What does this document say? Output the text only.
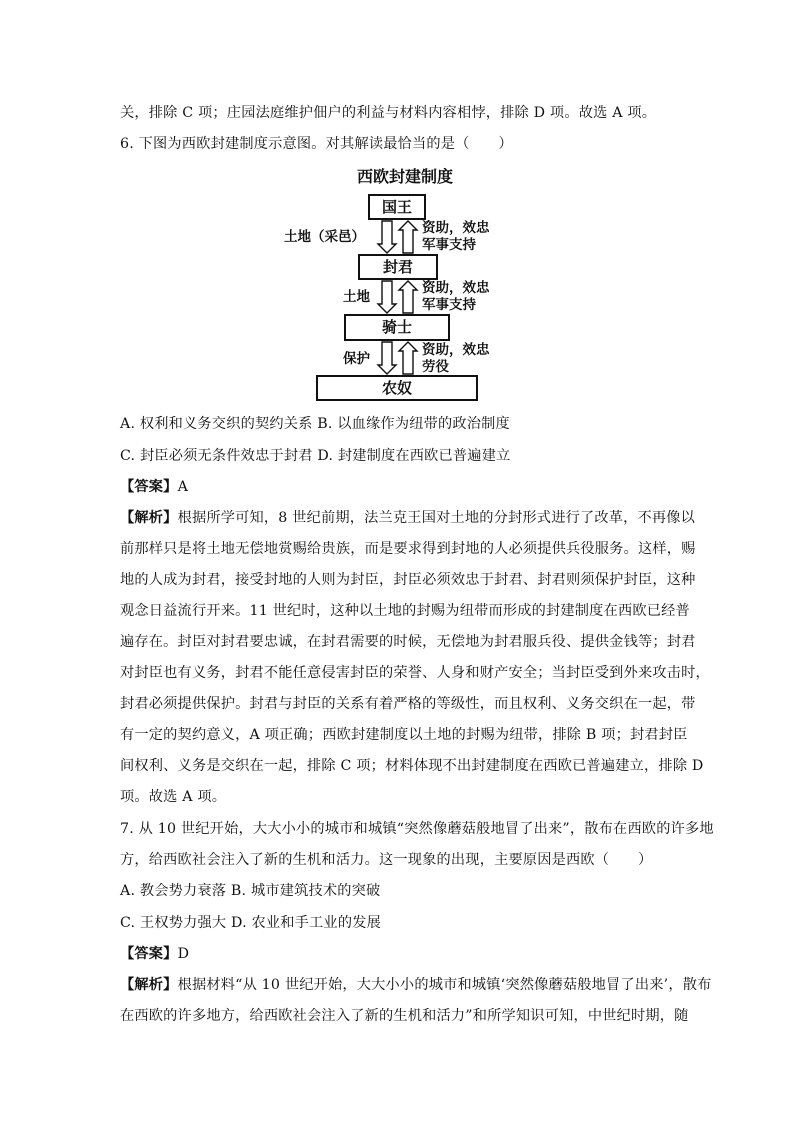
关，排除 C 项；庄园法庭维护佃户的利益与材料内容相悖，排除 D 项。故选 A 项。
6. 下图为西欧封建制度示意图。对其解读最恰当的是（　　）
西欧封建制度
国王
封君
骑士
农奴
土地（采邑）
土地
保护
资助，效忠
军事支持
资助，效忠
军事支持
资助，效忠
劳役
A. 权利和义务交织的契约关系 B. 以血缘作为纽带的政治制度
C. 封臣必须无条件效忠于封君 D. 封建制度在西欧已普遍建立
【答案】A
【解析】根据所学可知，8 世纪前期，法兰克王国对土地的分封形式进行了改革，不再像以
前那样只是将土地无偿地赏赐给贵族，而是要求得到封地的人必须提供兵役服务。这样，赐
地的人成为封君，接受封地的人则为封臣，封臣必须效忠于封君、封君则须保护封臣，这种
观念日益流行开来。11 世纪时，这种以土地的封赐为纽带而形成的封建制度在西欧已经普
遍存在。封臣对封君要忠诚，在封君需要的时候，无偿地为封君服兵役、提供金钱等；封君
对封臣也有义务，封君不能任意侵害封臣的荣誉、人身和财产安全；当封臣受到外来攻击时，
封君必须提供保护。封君与封臣的关系有着严格的等级性，而且权利、义务交织在一起，带
有一定的契约意义，A 项正确；西欧封建制度以土地的封赐为纽带，排除 B 项；封君封臣
间权利、义务是交织在一起，排除 C 项；材料体现不出封建制度在西欧已普遍建立，排除 D
项。故选 A 项。
7. 从 10 世纪开始，大大小小的城市和城镇“突然像蘑菇般地冒了出来”，散布在西欧的许多地
方，给西欧社会注入了新的生机和活力。这一现象的出现，主要原因是西欧（　　）
A. 教会势力衰落 B. 城市建筑技术的突破
C. 王权势力强大 D. 农业和手工业的发展
【答案】D
【解析】根据材料“从 10 世纪开始，大大小小的城市和城镇‘突然像蘑菇般地冒了出来’，散布
在西欧的许多地方，给西欧社会注入了新的生机和活力”和所学知识可知，中世纪时期，随
